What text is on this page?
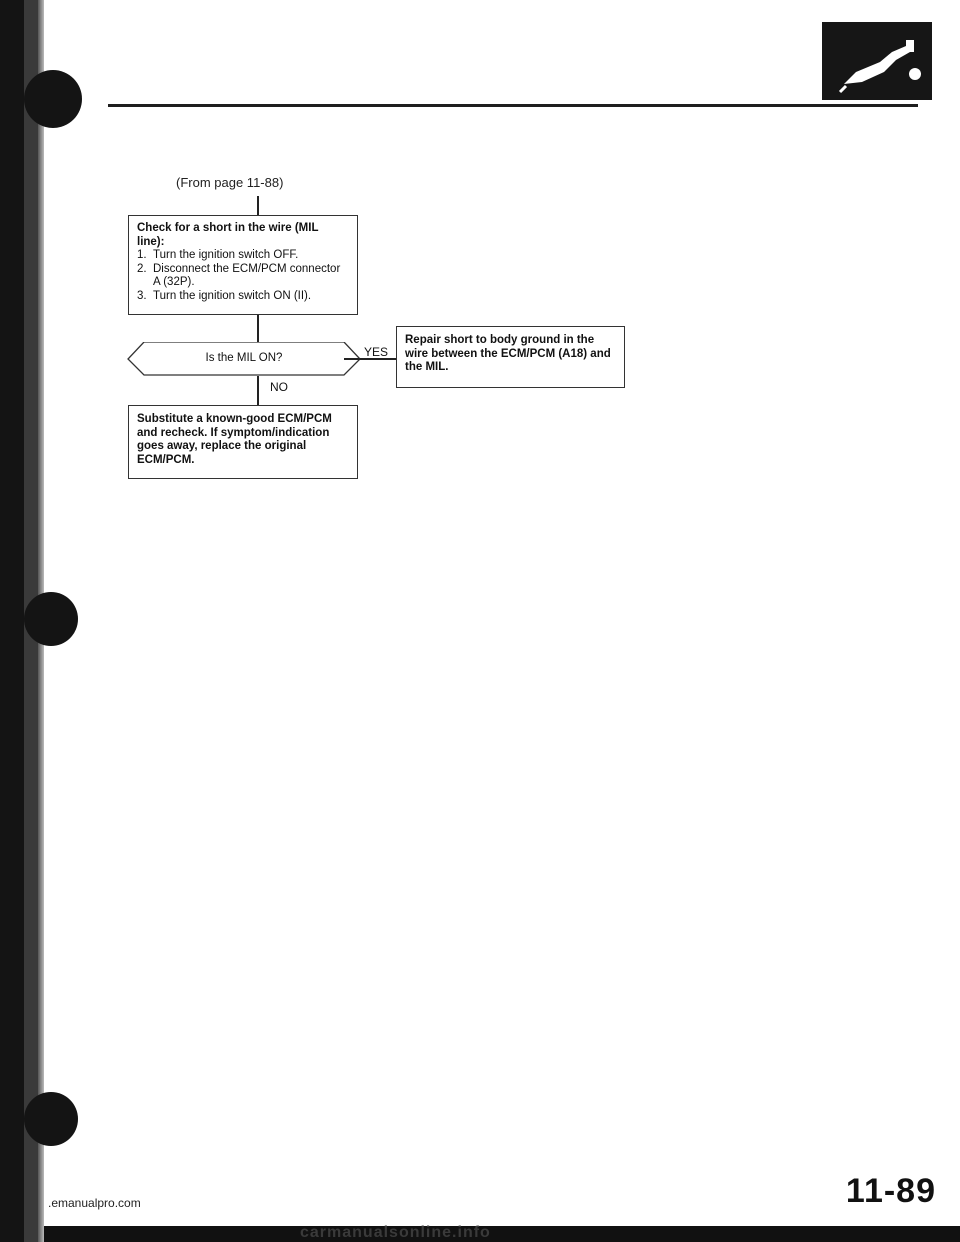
(From page 11-88)
Check for a short in the wire (MIL
line):
1. Turn the ignition switch OFF.
2. Disconnect the ECM/PCM connector A (32P).
3. Turn the ignition switch ON (II).
Is the MIL ON?	YES
Repair short to body ground in the wire between the ECM/PCM (A18) and the MIL.
NO
Substitute a known-good ECM/PCM and recheck. If symptom/indication goes away, replace the original ECM/PCM.
11-89
.emanualpro.com
carmanualsonline.info
